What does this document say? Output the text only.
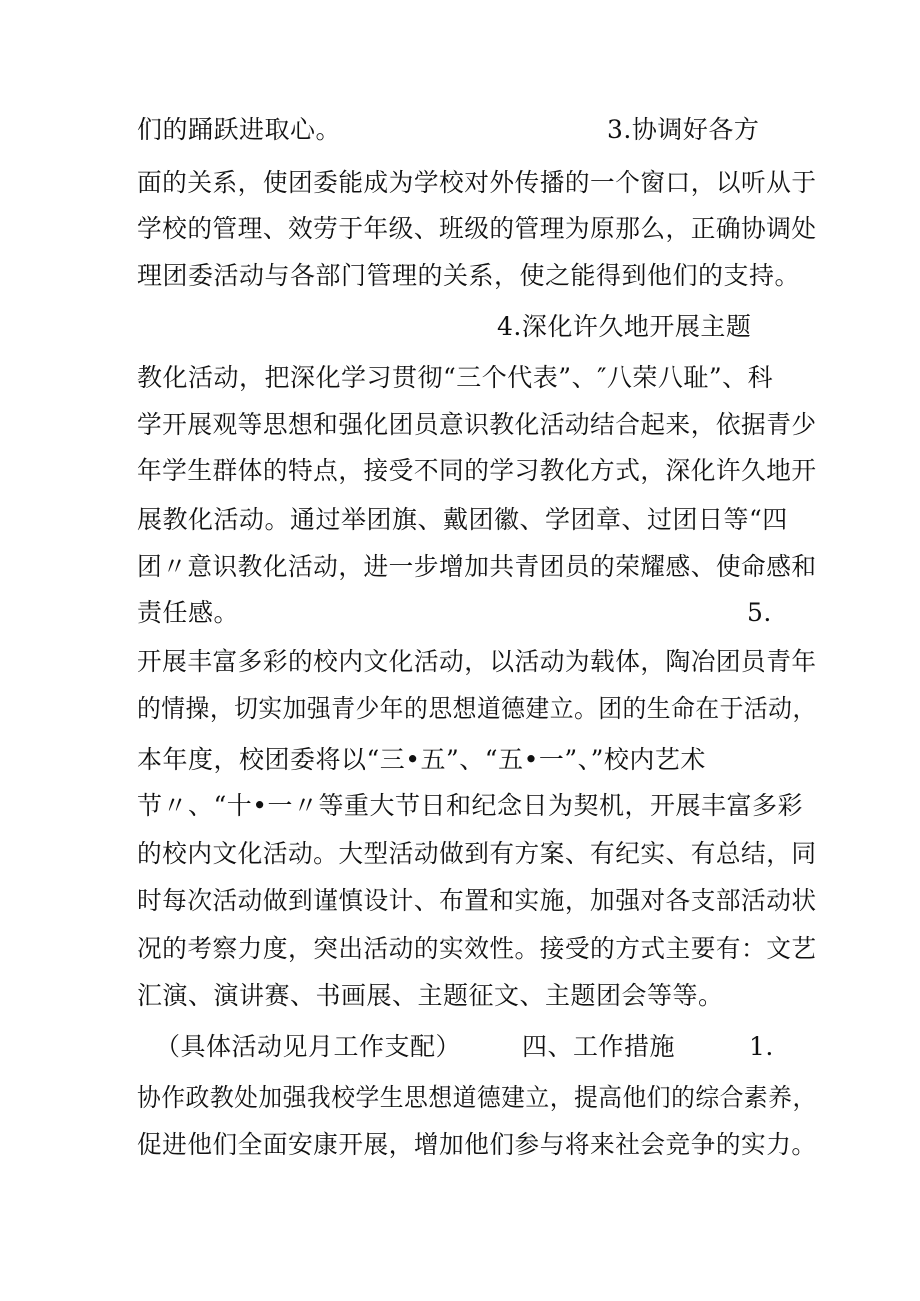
们的踊跃进取心。	3.协调好各方
面的关系，使团委能成为学校对外传播的一个窗口，以听从于
学校的管理、效劳于年级、班级的管理为原那么，正确协调处
理团委活动与各部门管理的关系，使之能得到他们的支持。
4.深化许久地开展主题
教化活动，把深化学习贯彻“三个代表”、″八荣八耻”、科
学开展观等思想和强化团员意识教化活动结合起来，依据青少
年学生群体的特点，接受不同的学习教化方式，深化许久地开
展教化活动。通过举团旗、戴团徽、学团章、过团日等“四
团〃意识教化活动，进一步增加共青团员的荣耀感、使命感和
责任感。	5.
开展丰富多彩的校内文化活动，以活动为载体，陶冶团员青年
的情操，切实加强青少年的思想道德建立。团的生命在于活动，
本年度，校团委将以“三•五”、“五•一”、”校内艺术
节〃、“十•一〃等重大节日和纪念日为契机，开展丰富多彩
的校内文化活动。大型活动做到有方案、有纪实、有总结，同
时每次活动做到谨慎设计、布置和实施，加强对各支部活动状
况的考察力度，突出活动的实效性。接受的方式主要有：文艺
汇演、演讲赛、书画展、主题征文、主题团会等等。
（具体活动见月工作支配） 四、工作措施	1.
协作政教处加强我校学生思想道德建立，提高他们的综合素养，
促进他们全面安康开展，增加他们参与将来社会竞争的实力。
